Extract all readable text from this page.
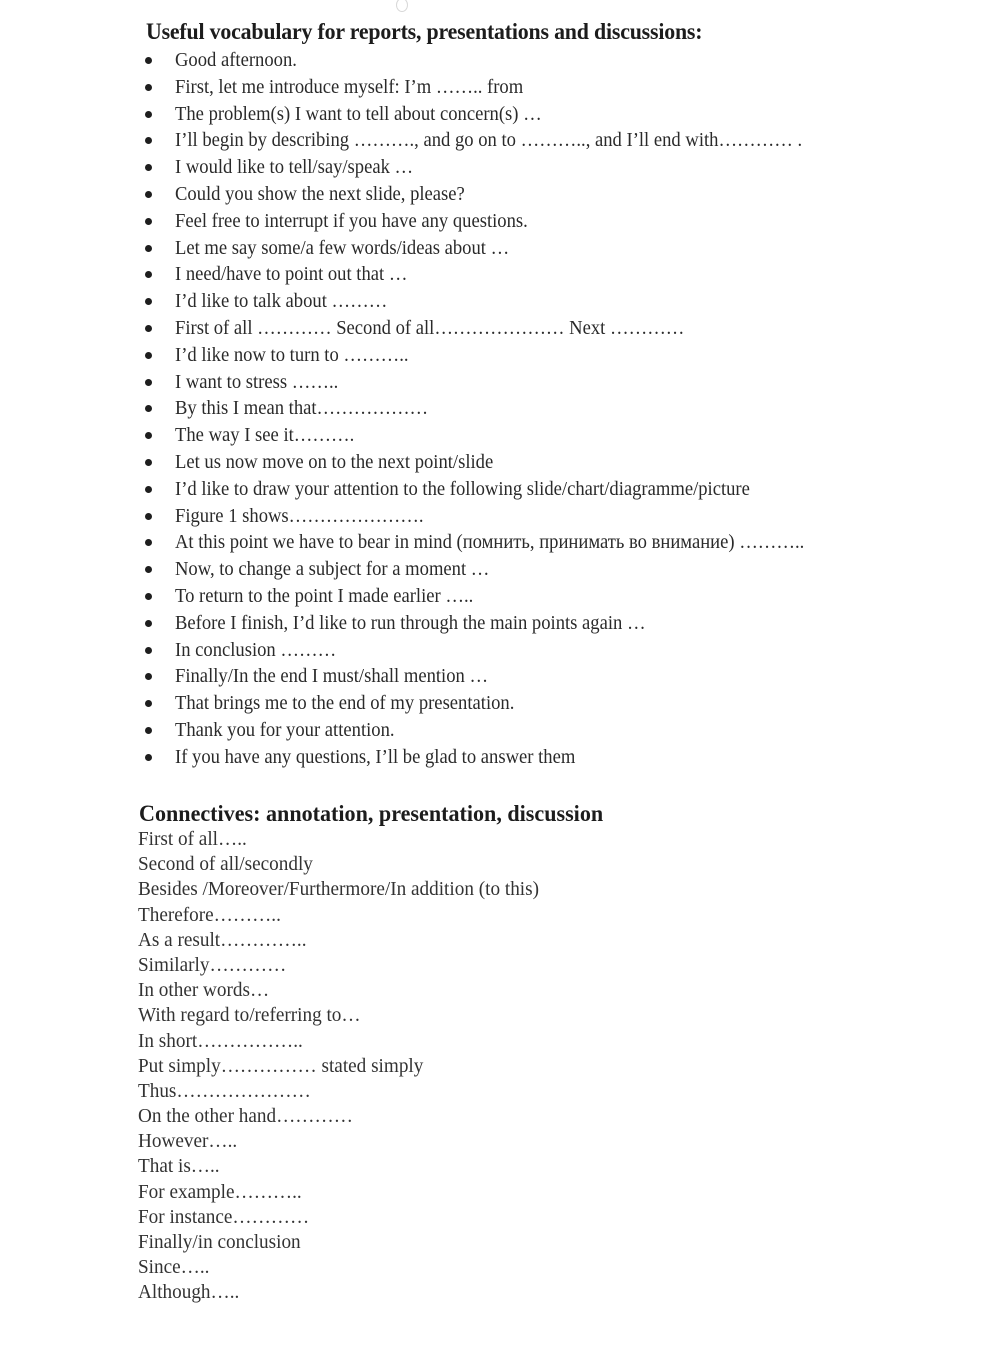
Useful vocabulary for reports, presentations and discussions:
Good afternoon.
First, let me introduce myself: I’m …….. from
The problem(s) I want to tell about concern(s) …
I’ll begin by describing ………., and go on to ……….., and I’ll end with………… .
I would like to tell/say/speak …
Could you show the next slide, please?
Feel free to interrupt if you have any questions.
Let me say some/a few words/ideas about …
I need/have to point out that …
I’d like to talk about ………
First of all ………… Second of all………………… Next …………
I’d like now to turn to ………..
I want to stress ……..
By this I mean that………………
The way I see it……….
Let us now move on to the next point/slide
I’d like to draw your attention to the following slide/chart/diagramme/picture
Figure 1 shows………………….
At this point we have to bear in mind (помнить, принимать во внимание) ………..
Now, to change a subject for a moment …
To return to the point I made earlier …..
Before I finish, I’d like to run through the main points again …
In conclusion ………
Finally/In the end I must/shall mention …
That brings me to the end of my presentation.
Thank you for your attention.
If you have any questions, I’ll be glad to answer them
Connectives: annotation, presentation, discussion
First of all…..
Second of all/secondly
Besides /Moreover/Furthermore/In addition (to this)
Therefore………..
As a result…………..
Similarly…………
In other words…
With regard to/referring to…
In short……………..
Put simply…………… stated simply
Thus…………………
On the other hand…………
However…..
That is…..
For example………..
For instance…………
Finally/in conclusion
Since…..
Although…..
